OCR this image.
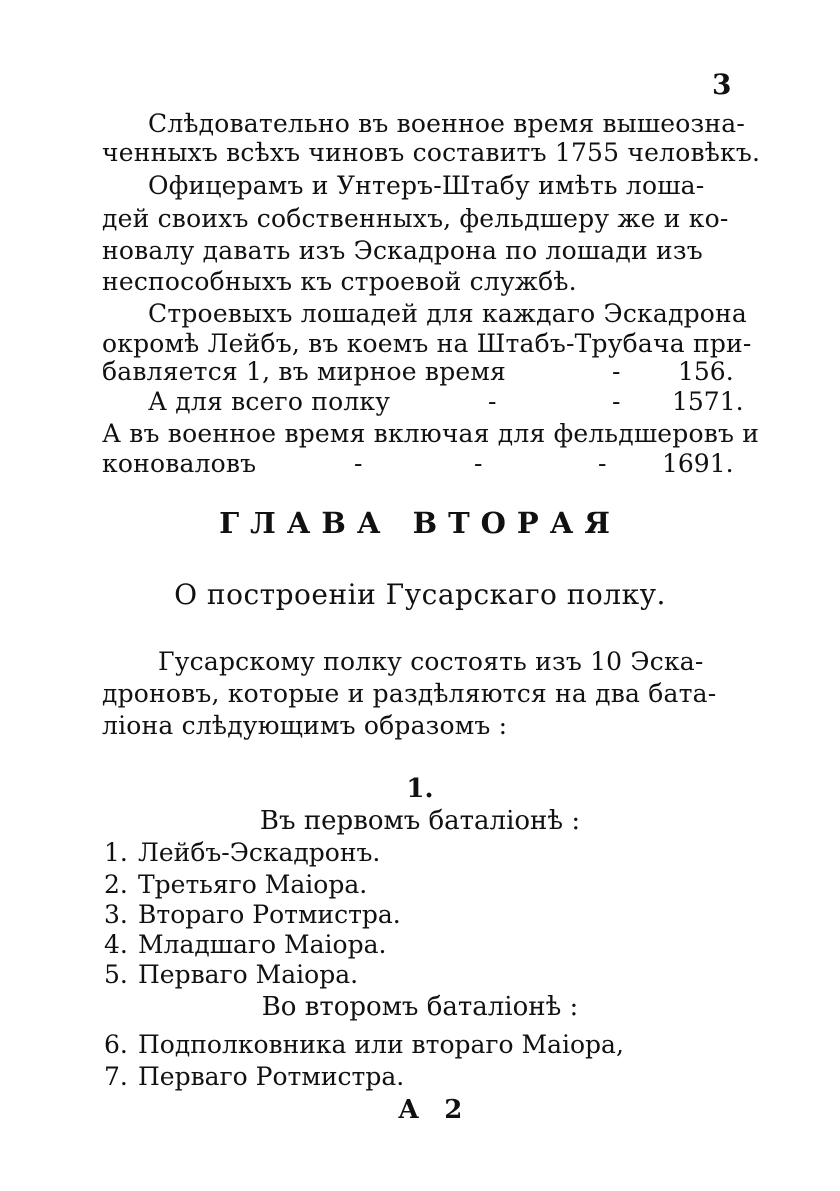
3
Слѣдовательно въ военное время вышеозна-
ченныхъ всѣхъ чиновъ составитъ 1755 человѣкъ.
Офицерамъ и Унтеръ-Штабу имѣть лошa-
дей своихъ собственныхъ, фельдшеру же и ко-
новалу давать изъ Эскадрона по лошади изъ
неспособныхъ къ строевой службѣ.
Строевыхъ лошадей для каждаго Эскадрона
окромѣ Лейбъ, въ коемъ на Штабъ-Трубача при-
бавляется 1, въ мирное время	- 156.
А для всего полку	-	- 1571.
А въ военное время включая для фельдшеровъ и
коноваловъ	-	-	- 1691.
ГЛАВА ВТОРАЯ
О построенiи Гусарскаго полку.
Гусарскому полку состоять изъ 10 Эска-
дроновъ, которые и раздѣляются на два бата-
лiона слѣдующимъ образомъ :
1.
Въ первомъ баталiонѣ :
1. Лейбъ-Эскадронъ.
2. Третьяго Маiора.
3. Втораго Ротмистра.
4. Младшаго Маiора.
5. Перваго Маiора.
Во второмъ баталiонѣ :
6. Подполковника или втораго Маiора,
7. Перваго Ротмистра.
А 2
